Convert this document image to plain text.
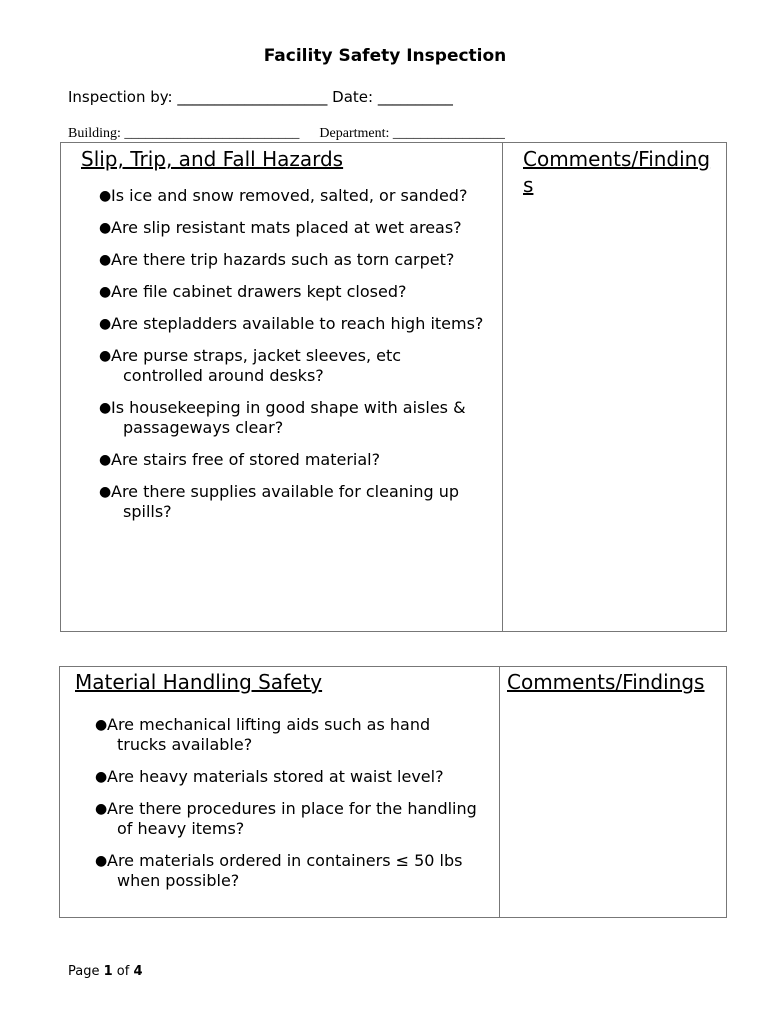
Facility Safety Inspection
Inspection by: ____________________ Date: __________
Building: _________________________ Department: ________________
Slip, Trip, and Fall Hazards
● Is ice and snow removed, salted, or sanded?
● Are slip resistant mats placed at wet areas?
● Are there trip hazards such as torn carpet?
● Are file cabinet drawers kept closed?
● Are stepladders available to reach high items?
● Are purse straps, jacket sleeves, etc controlled around desks?
● Is housekeeping in good shape with aisles & passageways clear?
● Are stairs free of stored material?
● Are there supplies available for cleaning up spills?

Comments/Findings
Material Handling Safety
● Are mechanical lifting aids such as hand trucks available?
● Are heavy materials stored at waist level?
● Are there procedures in place for the handling of heavy items?
● Are materials ordered in containers ≤ 50 lbs when possible?

Comments/Findings
Page 1 of 4
